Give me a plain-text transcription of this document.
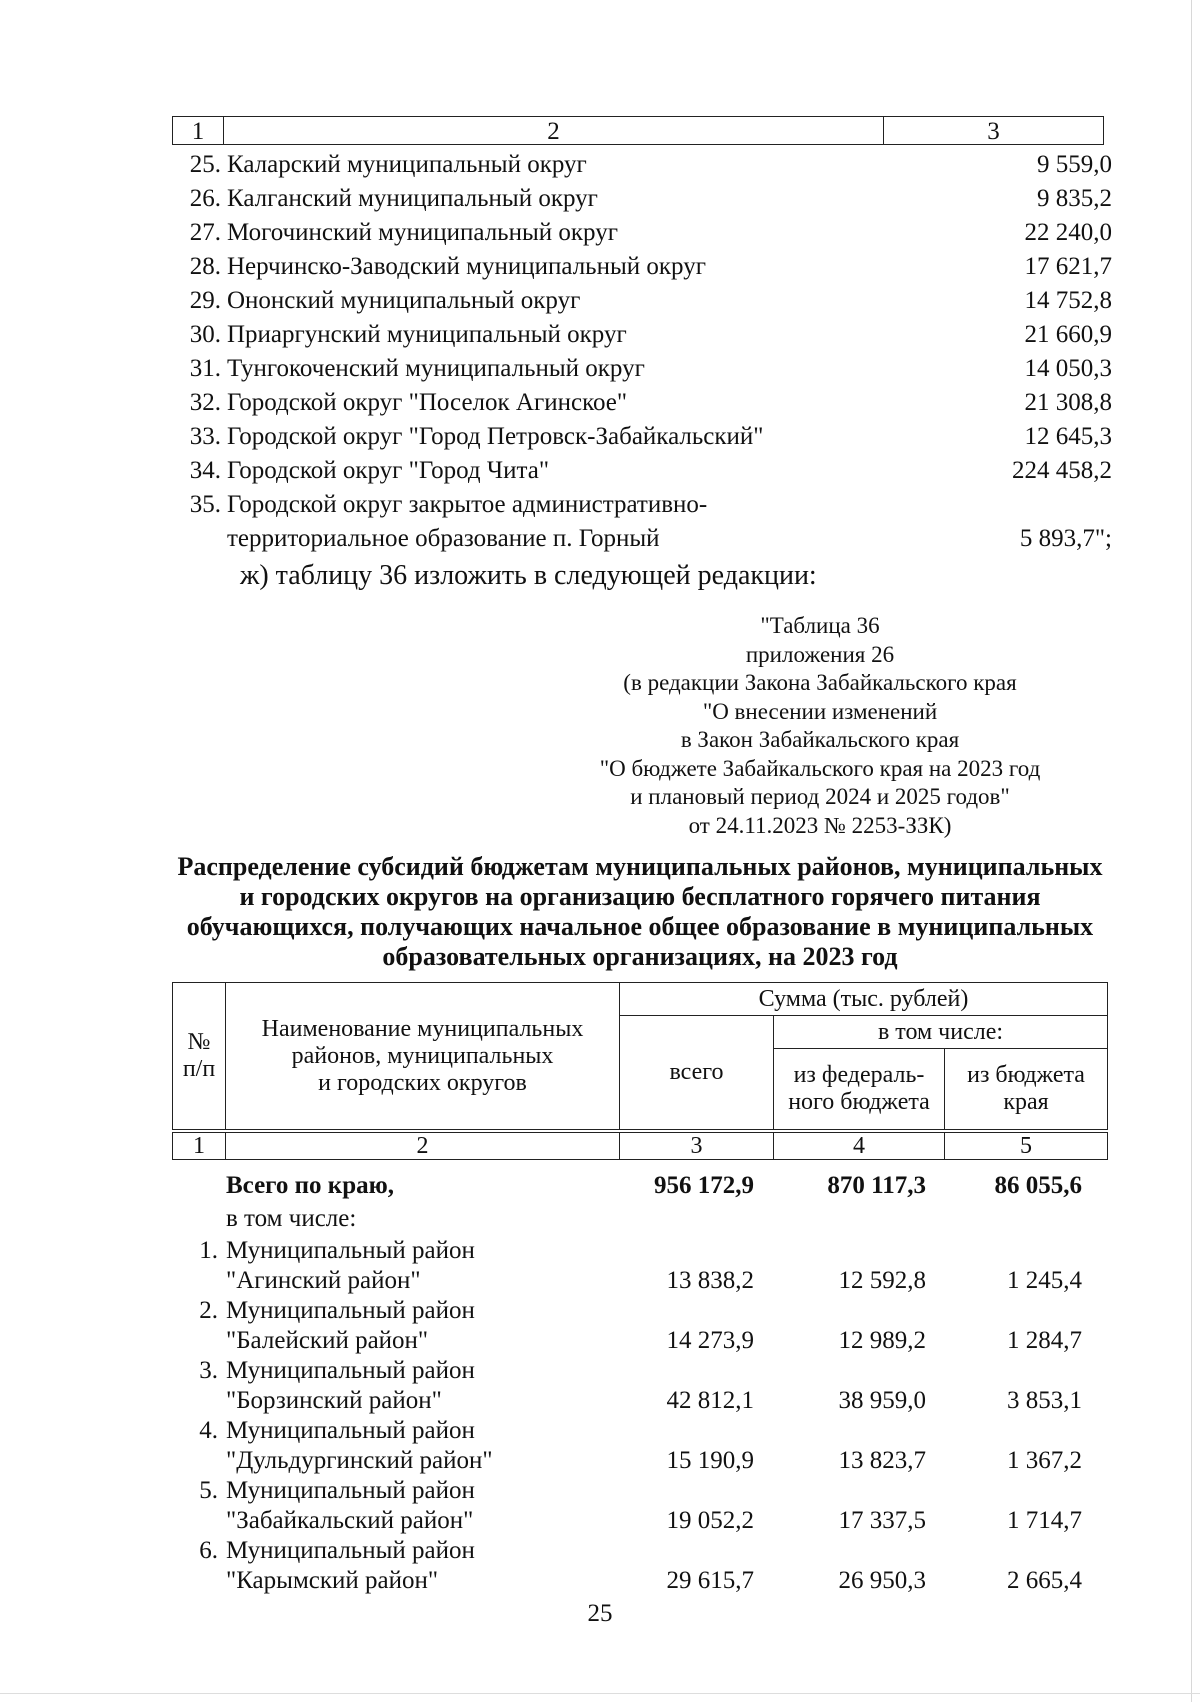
1	2	3
25. Каларский муниципальный округ	9 559,0
26. Калганский муниципальный округ	9 835,2
27. Могочинский муниципальный округ	22 240,0
28. Нерчинско-Заводский муниципальный округ	17 621,7
29. Ононский муниципальный округ	14 752,8
30. Приаргунский муниципальный округ	21 660,9
31. Тунгокоченский муниципальный округ	14 050,3
32. Городской округ "Поселок Агинское"	21 308,8
33. Городской округ "Город Петровск-Забайкальский"	12 645,3
34. Городской округ "Город Чита"	224 458,2
35. Городской округ закрытое административно-
территориальное образование п. Горный	5 893,7";
ж) таблицу 36 изложить в следующей редакции:
"Таблица 36
приложения 26
(в редакции Закона Забайкальского края
"О внесении изменений
в Закон Забайкальского края
"О бюджете Забайкальского края на 2023 год
и плановый период 2024 и 2025 годов"
от 24.11.2023 № 2253-ЗЗК)
Распределение субсидий бюджетам муниципальных районов, муниципальных
и городских округов на организацию бесплатного горячего питания
обучающихся, получающих начальное общее образование в муниципальных
образовательных организациях, на 2023 год
№
п/п
Наименование муниципальных
районов, муниципальных
и городских округов
Сумма (тыс. рублей)
всего
в том числе:
из федераль-
ного бюджета
из бюджета
края
1	2	3	4	5
Всего по краю,	956 172,9	870 117,3	86 055,6
в том числе:
1. Муниципальный район
"Агинский район"	13 838,2	12 592,8	1 245,4
2. Муниципальный район
"Балейский район"	14 273,9	12 989,2	1 284,7
3. Муниципальный район
"Борзинский район"	42 812,1	38 959,0	3 853,1
4. Муниципальный район
"Дульдургинский район"	15 190,9	13 823,7	1 367,2
5. Муниципальный район
"Забайкальский район"	19 052,2	17 337,5	1 714,7
6. Муниципальный район
"Карымский район"	29 615,7	26 950,3	2 665,4
25
